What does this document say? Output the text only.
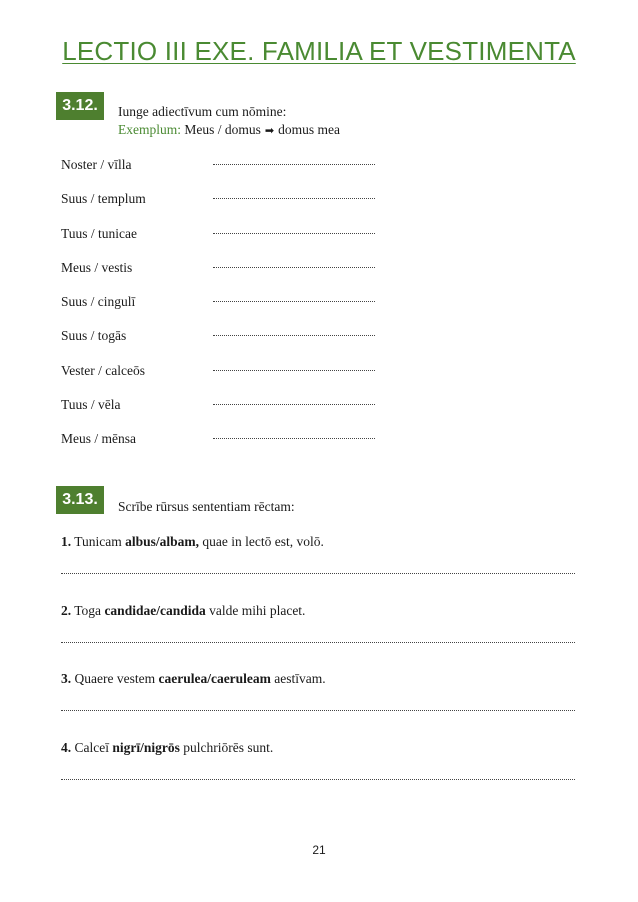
LECTIO III EXE. FAMILIA ET VESTIMENTA
3.12.	Iunge adiectīvum cum nōmine:
Exemplum: Meus / domus ➡ domus mea
Noster / vīlla
Suus / templum
Tuus / tunicae
Meus / vestis
Suus / cingulī
Suus / togās
Vester / calceōs
Tuus / vēla
Meus / mēnsa
3.13.	Scrībe rūrsus sententiam rēctam:
1. Tunicam albus/albam, quae in lectō est, volō.
2. Toga candidae/candida valde mihi placet.
3. Quaere vestem caerulea/caeruleam aestīvam.
4. Calceī nigrī/nigrōs pulchriōrēs sunt.
21
